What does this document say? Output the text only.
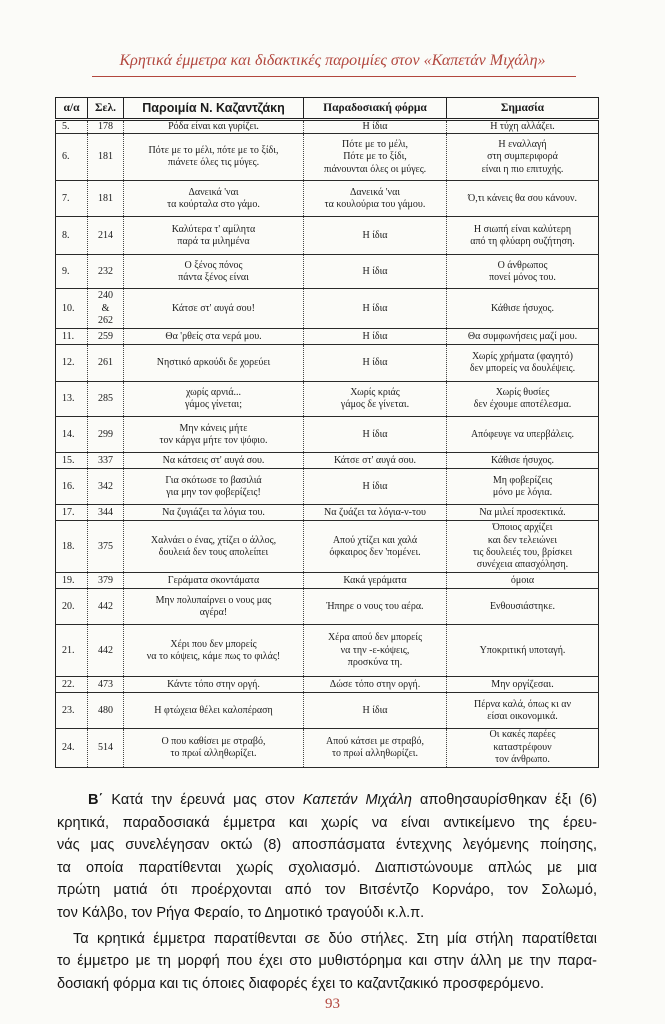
Κρητικά έμμετρα και διδακτικές παροιμίες στον «Καπετάν Μιχάλη»
α/α	Σελ.	Παροιμία Ν. Καζαντζάκη	Παραδοσιακή φόρμα	Σημασία
5.	178	Ρόδα είναι και γυρίζει.	Η ίδια	Η τύχη αλλάζει.
6.	181	Πότε με το μέλι, πότε με το ξίδι,
πιάνετε όλες τις μύγες.	Πότε με το μέλι,
Πότε με το ξίδι,
πιάνουνται όλες οι μύγες.	Η εναλλαγή
στη συμπεριφορά
είναι η πιο επιτυχής.
7.	181	Δανεικά 'ναι
τα κούρταλα στο γάμο.	Δανεικά 'ναι
τα κουλούρια του γάμου.	Ό,τι κάνεις θα σου κάνουν.
8.	214	Καλύτερα τ' αμίλητα
παρά τα μιλημένα	Η ίδια	Η σιωπή είναι καλύτερη
από τη φλύαρη συζήτηση.
9.	232	Ο ξένος πόνος
πάντα ξένος είναι	Η ίδια	Ο άνθρωπος
πονεί μόνος του.
10.	240
&
262	Κάτσε στ' αυγά σου!	Η ίδια	Κάθισε ήσυχος.
11.	259	Θα 'ρθείς στα νερά μου.	Η ίδια	Θα συμφωνήσεις μαζί μου.
12.	261	Νηστικό αρκούδι δε χορεύει	Η ίδια	Χωρίς χρήματα (φαγητό)
δεν μπορείς να δουλέψεις.
13.	285	χωρίς αρνιά...
γάμος γίνεται;	Χωρίς κριάς
γάμος δε γίνεται.	Χωρίς θυσίες
δεν έχουμε αποτέλεσμα.
14.	299	Μην κάνεις μήτε
τον κάργα μήτε τον ψόφιο.	Η ίδια	Απόφευγε να υπερβάλεις.
15.	337	Να κάτσεις στ' αυγά σου.	Κάτσε στ' αυγά σου.	Κάθισε ήσυχος.
16.	342	Για σκότωσε το βασιλιά
για μην τον φοβερίζεις!	Η ίδια	Μη φοβερίζεις
μόνο με λόγια.
17.	344	Να ζυγιάζει τα λόγια του.	Να ζυάζει τα λόγια-ν-του	Να μιλεί προσεκτικά.
18.	375	Χαλνάει ο ένας, χτίζει ο άλλος,
δουλειά δεν τους απολείπει	Απού χτίζει και χαλά
όφκαιρος δεν 'πομένει.	Όποιος αρχίζει
και δεν τελειώνει
τις δουλειές του, βρίσκει
συνέχεια απασχόληση.
19.	379	Γεράματα σκοντάματα	Κακά γεράματα	όμοια
20.	442	Μην πολυπαίρνει ο νους μας
αγέρα!	Ήπηρε ο νους του αέρα.	Ενθουσιάστηκε.
21.	442	Χέρι που δεν μπορείς
να το κόψεις, κάμε πως το φιλάς!	Χέρα απού δεν μπορείς
να την -ε-κόψεις,
προσκύνα τη.	Υποκριτική υποταγή.
22.	473	Κάντε τόπο στην οργή.	Δώσε τόπο στην οργή.	Μην οργίζεσαι.
23.	480	Η φτώχεια θέλει καλοπέραση	Η ίδια	Πέρνα καλά, όπως κι αν
είσαι οικονομικά.
24.	514	Ο που καθίσει με στραβό,
το πρωί αλληθωρίζει.	Απού κάτσει με στραβό,
το πρωί αλληθωρίζει.	Οι κακές παρέες
καταστρέφουν
τον άνθρωπο.
Β΄ Κατά την έρευνά μας στον Καπετάν Μιχάλη αποθησαυρίσθηκαν έξι (6)
κρητικά, παραδοσιακά έμμετρα και χωρίς να είναι αντικείμενο της έρευ-
νάς μας συνελέγησαν οκτώ (8) αποσπάσματα έντεχνης λεγόμενης ποίησης,
τα οποία παρατίθενται χωρίς σχολιασμό. Διαπιστώνουμε απλώς με μια
πρώτη ματιά ότι προέρχονται από τον Βιτσέντζο Κορνάρο, τον Σολωμό,
τον Κάλβο, τον Ρήγα Φεραίο, το Δημοτικό τραγούδι κ.λ.π.
Τα κρητικά έμμετρα παρατίθενται σε δύο στήλες. Στη μία στήλη παρατίθεται
το έμμετρο με τη μορφή που έχει στο μυθιστόρημα και στην άλλη με την παρα-
δοσιακή φόρμα και τις όποιες διαφορές έχει το καζαντζακικό προσφερόμενο.
93
